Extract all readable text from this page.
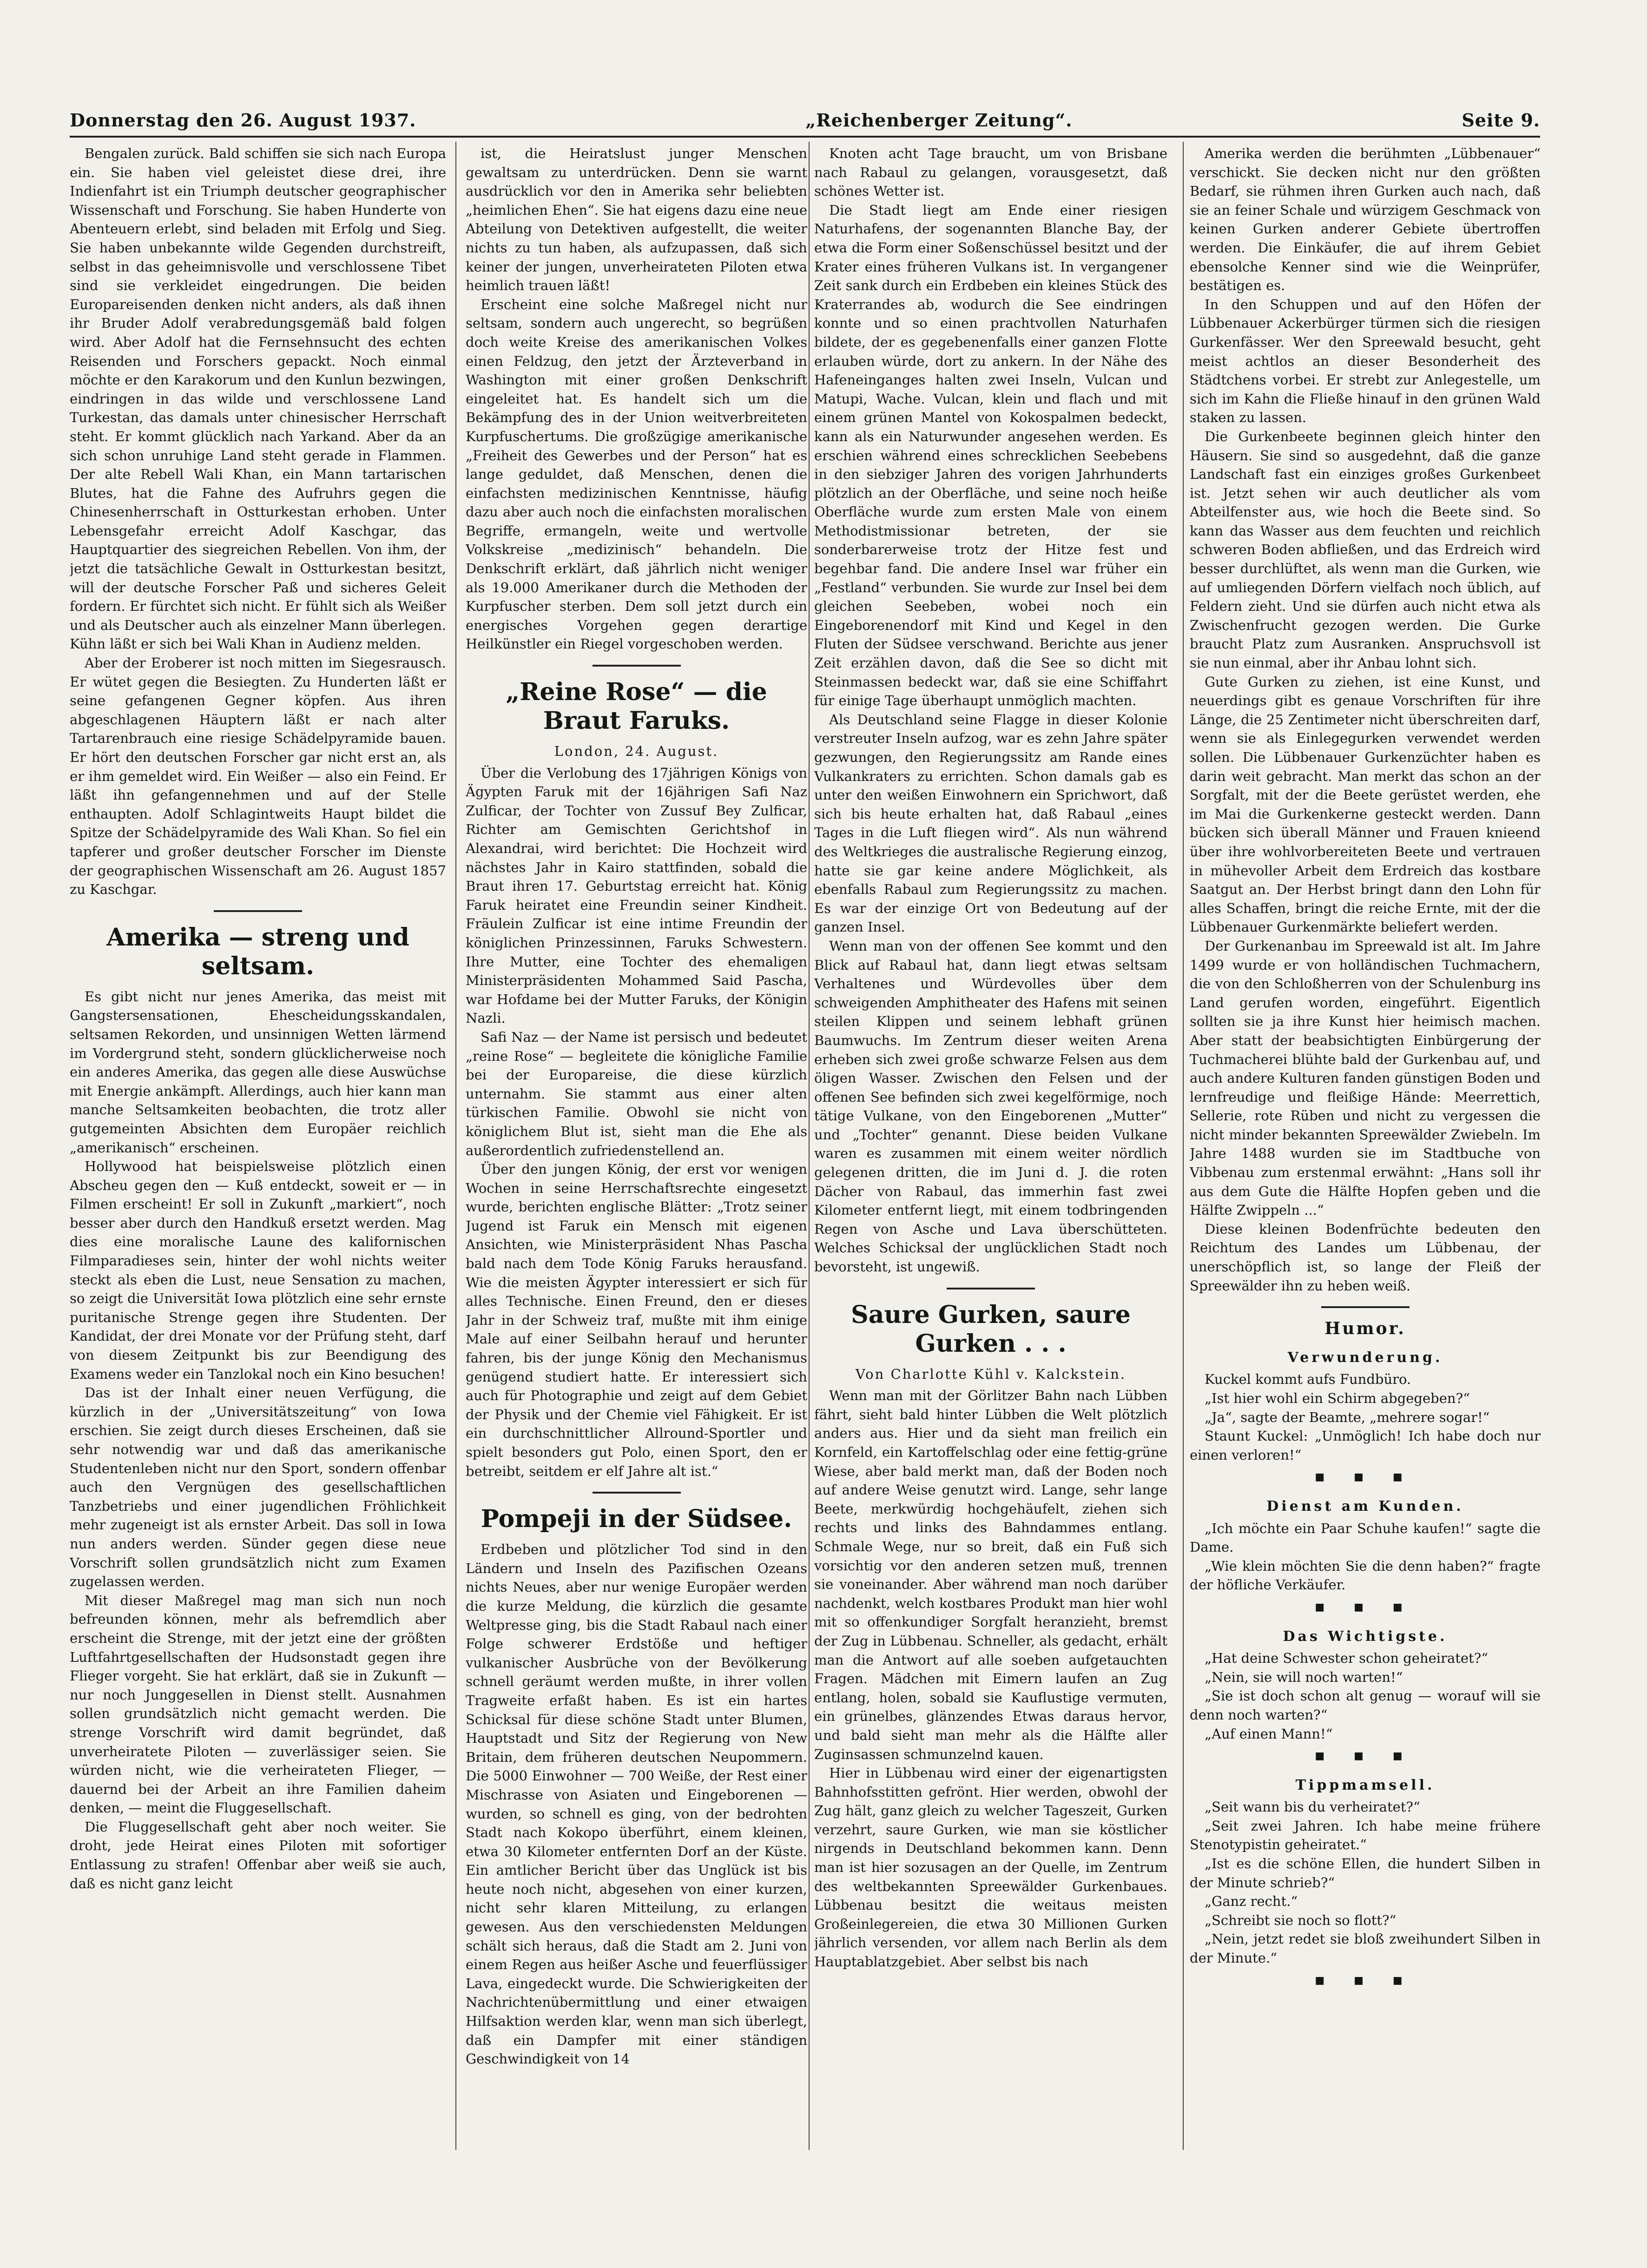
Donnerstag den 26. August 1937.	„Reichenberger Zeitung“.	Seite 9.

Bengalen zurück. Bald schiffen sie sich nach Europa ein. Sie haben viel geleistet diese drei, ihre Indienfahrt ist ein Triumph deutscher geographischer Wissenschaft und Forschung. Sie haben Hunderte von Abenteuern erlebt, sind beladen mit Erfolg und Sieg. Sie haben unbekannte wilde Gegenden durchstreift, selbst in das geheimnisvolle und verschlossene Tibet sind sie verkleidet eingedrungen. Die beiden Europareisenden denken nicht anders, als daß ihnen ihr Bruder Adolf verabredungsgemäß bald folgen wird. Aber Adolf hat die Fernsehnsucht des echten Reisenden und Forschers gepackt. Noch einmal möchte er den Karakorum und den Kunlun bezwingen, eindringen in das wilde und verschlossene Land Turkestan, das damals unter chinesischer Herrschaft steht. Er kommt glücklich nach Yarkand. Aber da an sich schon unruhige Land steht gerade in Flammen. Der alte Rebell Wali Khan, ein Mann tartarischen Blutes, hat die Fahne des Aufruhrs gegen die Chinesenherrschaft in Ostturkestan erhoben. Unter Lebensgefahr erreicht Adolf Kaschgar, das Hauptquartier des siegreichen Rebellen. Von ihm, der jetzt die tatsächliche Gewalt in Ostturkestan besitzt, will der deutsche Forscher Paß und sicheres Geleit fordern. Er fürchtet sich nicht. Er fühlt sich als Weißer und als Deutscher auch als einzelner Mann überlegen. Kühn läßt er sich bei Wali Khan in Audienz melden.

Aber der Eroberer ist noch mitten im Siegesrausch. Er wütet gegen die Besiegten. Zu Hunderten läßt er seine gefangenen Gegner köpfen. Aus ihren abgeschlagenen Häuptern läßt er nach alter Tartarenbrauch eine riesige Schädelpyramide bauen. Er hört den deutschen Forscher gar nicht erst an, als er ihm gemeldet wird. Ein Weißer — also ein Feind. Er läßt ihn gefangennehmen und auf der Stelle enthaupten. Adolf Schlagintweits Haupt bildet die Spitze der Schädelpyramide des Wali Khan. So fiel ein tapferer und großer deutscher Forscher im Dienste der geographischen Wissenschaft am 26. August 1857 zu Kaschgar.

Amerika — streng und seltsam.

Es gibt nicht nur jenes Amerika, das meist mit Gangstersensationen, Ehescheidungsskandalen, seltsamen Rekorden, und unsinnigen Wetten lärmend im Vordergrund steht, sondern glücklicherweise noch ein anderes Amerika, das gegen alle diese Auswüchse mit Energie ankämpft. Allerdings, auch hier kann man manche Seltsamkeiten beobachten, die trotz aller gutgemeinten Absichten dem Europäer reichlich „amerikanisch“ erscheinen.

Hollywood hat beispielsweise plötzlich einen Abscheu gegen den — Kuß entdeckt, soweit er — in Filmen erscheint! Er soll in Zukunft „markiert“, noch besser aber durch den Handkuß ersetzt werden. Mag dies eine moralische Laune des kalifornischen Filmparadieses sein, hinter der wohl nichts weiter steckt als eben die Lust, neue Sensation zu machen, so zeigt die Universität Iowa plötzlich eine sehr ernste puritanische Strenge gegen ihre Studenten. Der Kandidat, der drei Monate vor der Prüfung steht, darf von diesem Zeitpunkt bis zur Beendigung des Examens weder ein Tanzlokal noch ein Kino besuchen!

Das ist der Inhalt einer neuen Verfügung, die kürzlich in der „Universitätszeitung“ von Iowa erschien. Sie zeigt durch dieses Erscheinen, daß sie sehr notwendig war und daß das amerikanische Studentenleben nicht nur den Sport, sondern offenbar auch den Vergnügen des gesellschaftlichen Tanzbetriebs und einer jugendlichen Fröhlichkeit mehr zugeneigt ist als ernster Arbeit. Das soll in Iowa nun anders werden. Sünder gegen diese neue Vorschrift sollen grundsätzlich nicht zum Examen zugelassen werden.

Mit dieser Maßregel mag man sich nun noch befreunden können, mehr als befremdlich aber erscheint die Strenge, mit der jetzt eine der größten Luftfahrtgesellschaften der Hudsonstadt gegen ihre Flieger vorgeht. Sie hat erklärt, daß sie in Zukunft — nur noch Junggesellen in Dienst stellt. Ausnahmen sollen grundsätzlich nicht gemacht werden. Die strenge Vorschrift wird damit begründet, daß unverheiratete Piloten — zuverlässiger seien. Sie würden nicht, wie die verheirateten Flieger, — dauernd bei der Arbeit an ihre Familien daheim denken, — meint die Fluggesellschaft.

Die Fluggesellschaft geht aber noch weiter. Sie droht, jede Heirat eines Piloten mit sofortiger Entlassung zu strafen! Offenbar aber weiß sie auch, daß es nicht ganz leicht

ist, die Heiratslust junger Menschen gewaltsam zu unterdrücken. Denn sie warnt ausdrücklich vor den in Amerika sehr beliebten „heimlichen Ehen“. Sie hat eigens dazu eine neue Abteilung von Detektiven aufgestellt, die weiter nichts zu tun haben, als aufzupassen, daß sich keiner der jungen, unverheirateten Piloten etwa heimlich trauen läßt!

Erscheint eine solche Maßregel nicht nur seltsam, sondern auch ungerecht, so begrüßen doch weite Kreise des amerikanischen Volkes einen Feldzug, den jetzt der Ärzteverband in Washington mit einer großen Denkschrift eingeleitet hat. Es handelt sich um die Bekämpfung des in der Union weitverbreiteten Kurpfuschertums. Die großzügige amerikanische „Freiheit des Gewerbes und der Person“ hat es lange geduldet, daß Menschen, denen die einfachsten medizinischen Kenntnisse, häufig dazu aber auch noch die einfachsten moralischen Begriffe, ermangeln, weite und wertvolle Volkskreise „medizinisch“ behandeln. Die Denkschrift erklärt, daß jährlich nicht weniger als 19.000 Amerikaner durch die Methoden der Kurpfuscher sterben. Dem soll jetzt durch ein energisches Vorgehen gegen derartige Heilkünstler ein Riegel vorgeschoben werden.

„Reine Rose“ — die Braut Faruks.
London, 24. August.

Über die Verlobung des 17jährigen Königs von Ägypten Faruk mit der 16jährigen Safi Naz Zulficar, der Tochter von Zussuf Bey Zulficar, Richter am Gemischten Gerichtshof in Alexandrai, wird berichtet: Die Hochzeit wird nächstes Jahr in Kairo stattfinden, sobald die Braut ihren 17. Geburtstag erreicht hat. König Faruk heiratet eine Freundin seiner Kindheit. Fräulein Zulficar ist eine intime Freundin der königlichen Prinzessinnen, Faruks Schwestern. Ihre Mutter, eine Tochter des ehemaligen Ministerpräsidenten Mohammed Said Pascha, war Hofdame bei der Mutter Faruks, der Königin Nazli.

Safi Naz — der Name ist persisch und bedeutet „reine Rose“ — begleitete die königliche Familie bei der Europareise, die diese kürzlich unternahm. Sie stammt aus einer alten türkischen Familie. Obwohl sie nicht von königlichem Blut ist, sieht man die Ehe als außerordentlich zufriedenstellend an.

Über den jungen König, der erst vor wenigen Wochen in seine Herrschaftsrechte eingesetzt wurde, berichten englische Blätter: „Trotz seiner Jugend ist Faruk ein Mensch mit eigenen Ansichten, wie Ministerpräsident Nhas Pascha bald nach dem Tode König Faruks herausfand. Wie die meisten Ägypter interessiert er sich für alles Technische. Einen Freund, den er dieses Jahr in der Schweiz traf, mußte mit ihm einige Male auf einer Seilbahn herauf und herunter fahren, bis der junge König den Mechanismus genügend studiert hatte. Er interessiert sich auch für Photographie und zeigt auf dem Gebiet der Physik und der Chemie viel Fähigkeit. Er ist ein durchschnittlicher Allround-Sportler und spielt besonders gut Polo, einen Sport, den er betreibt, seitdem er elf Jahre alt ist.“

Pompeji in der Südsee.

Erdbeben und plötzlicher Tod sind in den Ländern und Inseln des Pazifischen Ozeans nichts Neues, aber nur wenige Europäer werden die kurze Meldung, die kürzlich die gesamte Weltpresse ging, bis die Stadt Rabaul nach einer Folge schwerer Erdstöße und heftiger vulkanischer Ausbrüche von der Bevölkerung schnell geräumt werden mußte, in ihrer vollen Tragweite erfaßt haben. Es ist ein hartes Schicksal für diese schöne Stadt unter Blumen, Hauptstadt und Sitz der Regierung von New Britain, dem früheren deutschen Neupommern. Die 5000 Einwohner — 700 Weiße, der Rest einer Mischrasse von Asiaten und Eingeborenen — wurden, so schnell es ging, von der bedrohten Stadt nach Kokopo überführt, einem kleinen, etwa 30 Kilometer entfernten Dorf an der Küste. Ein amtlicher Bericht über das Unglück ist bis heute noch nicht, abgesehen von einer kurzen, nicht sehr klaren Mitteilung, zu erlangen gewesen. Aus den verschiedensten Meldungen schält sich heraus, daß die Stadt am 2. Juni von einem Regen aus heißer Asche und feuerflüssiger Lava, eingedeckt wurde. Die Schwierigkeiten der Nachrichtenübermittlung und einer etwaigen Hilfsaktion werden klar, wenn man sich überlegt, daß ein Dampfer mit einer ständigen Geschwindigkeit von 14

Knoten acht Tage braucht, um von Brisbane nach Rabaul zu gelangen, vorausgesetzt, daß schönes Wetter ist.

Die Stadt liegt am Ende einer riesigen Naturhafens, der sogenannten Blanche Bay, der etwa die Form einer Soßenschüssel besitzt und der Krater eines früheren Vulkans ist. In vergangener Zeit sank durch ein Erdbeben ein kleines Stück des Kraterrandes ab, wodurch die See eindringen konnte und so einen prachtvollen Naturhafen bildete, der es gegebenenfalls einer ganzen Flotte erlauben würde, dort zu ankern. In der Nähe des Hafeneinganges halten zwei Inseln, Vulcan und Matupi, Wache. Vulcan, klein und flach und mit einem grünen Mantel von Kokospalmen bedeckt, kann als ein Naturwunder angesehen werden. Es erschien während eines schrecklichen Seebebens in den siebziger Jahren des vorigen Jahrhunderts plötzlich an der Oberfläche, und seine noch heiße Oberfläche wurde zum ersten Male von einem Methodistmissionar betreten, der sie sonderbarerweise trotz der Hitze fest und begehbar fand. Die andere Insel war früher ein „Festland“ verbunden. Sie wurde zur Insel bei dem gleichen Seebeben, wobei noch ein Eingeborenendorf mit Kind und Kegel in den Fluten der Südsee verschwand. Berichte aus jener Zeit erzählen davon, daß die See so dicht mit Steinmassen bedeckt war, daß sie eine Schiffahrt für einige Tage überhaupt unmöglich machten.

Als Deutschland seine Flagge in dieser Kolonie verstreuter Inseln aufzog, war es zehn Jahre später gezwungen, den Regierungssitz am Rande eines Vulkankraters zu errichten. Schon damals gab es unter den weißen Einwohnern ein Sprichwort, daß sich bis heute erhalten hat, daß Rabaul „eines Tages in die Luft fliegen wird“. Als nun während des Weltkrieges die australische Regierung einzog, hatte sie gar keine andere Möglichkeit, als ebenfalls Rabaul zum Regierungssitz zu machen. Es war der einzige Ort von Bedeutung auf der ganzen Insel.

Wenn man von der offenen See kommt und den Blick auf Rabaul hat, dann liegt etwas seltsam Verhaltenes und Würdevolles über dem schweigenden Amphitheater des Hafens mit seinen steilen Klippen und seinem lebhaft grünen Baumwuchs. Im Zentrum dieser weiten Arena erheben sich zwei große schwarze Felsen aus dem öligen Wasser. Zwischen den Felsen und der offenen See befinden sich zwei kegelförmige, noch tätige Vulkane, von den Eingeborenen „Mutter“ und „Tochter“ genannt. Diese beiden Vulkane waren es zusammen mit einem weiter nördlich gelegenen dritten, die im Juni d. J. die roten Dächer von Rabaul, das immerhin fast zwei Kilometer entfernt liegt, mit einem todbringenden Regen von Asche und Lava überschütteten. Welches Schicksal der unglücklichen Stadt noch bevorsteht, ist ungewiß.

Saure Gurken, saure Gurken . . .
Von Charlotte Kühl v. Kalckstein.

Wenn man mit der Görlitzer Bahn nach Lübben fährt, sieht bald hinter Lübben die Welt plötzlich anders aus. Hier und da sieht man freilich ein Kornfeld, ein Kartoffelschlag oder eine fettig-grüne Wiese, aber bald merkt man, daß der Boden noch auf andere Weise genutzt wird. Lange, sehr lange Beete, merkwürdig hochgehäufelt, ziehen sich rechts und links des Bahndammes entlang. Schmale Wege, nur so breit, daß ein Fuß sich vorsichtig vor den anderen setzen muß, trennen sie voneinander. Aber während man noch darüber nachdenkt, welch kostbares Produkt man hier wohl mit so offenkundiger Sorgfalt heranzieht, bremst der Zug in Lübbenau. Schneller, als gedacht, erhält man die Antwort auf alle soeben aufgetauchten Fragen. Mädchen mit Eimern laufen an Zug entlang, holen, sobald sie Kauflustige vermuten, ein grünelbes, glänzendes Etwas daraus hervor, und bald sieht man mehr als die Hälfte aller Zuginsassen schmunzelnd kauen.

Hier in Lübbenau wird einer der eigenartigsten Bahnhofsstitten gefrönt. Hier werden, obwohl der Zug hält, ganz gleich zu welcher Tageszeit, Gurken verzehrt, saure Gurken, wie man sie köstlicher nirgends in Deutschland bekommen kann. Denn man ist hier sozusagen an der Quelle, im Zentrum des weltbekannten Spreewälder Gurkenbaues. Lübbenau besitzt die weitaus meisten Großeinlegereien, die etwa 30 Millionen Gurken jährlich versenden, vor allem nach Berlin als dem Hauptablatzgebiet. Aber selbst bis nach

Amerika werden die berühmten „Lübbenauer“ verschickt. Sie decken nicht nur den größten Bedarf, sie rühmen ihren Gurken auch nach, daß sie an feiner Schale und würzigem Geschmack von keinen Gurken anderer Gebiete übertroffen werden. Die Einkäufer, die auf ihrem Gebiet ebensolche Kenner sind wie die Weinprüfer, bestätigen es.

In den Schuppen und auf den Höfen der Lübbenauer Ackerbürger türmen sich die riesigen Gurkenfässer. Wer den Spreewald besucht, geht meist achtlos an dieser Besonderheit des Städtchens vorbei. Er strebt zur Anlegestelle, um sich im Kahn die Fließe hinauf in den grünen Wald staken zu lassen.

Die Gurkenbeete beginnen gleich hinter den Häusern. Sie sind so ausgedehnt, daß die ganze Landschaft fast ein einziges großes Gurkenbeet ist. Jetzt sehen wir auch deutlicher als vom Abteilfenster aus, wie hoch die Beete sind. So kann das Wasser aus dem feuchten und reichlich schweren Boden abfließen, und das Erdreich wird besser durchlüftet, als wenn man die Gurken, wie auf umliegenden Dörfern vielfach noch üblich, auf Feldern zieht. Und sie dürfen auch nicht etwa als Zwischenfrucht gezogen werden. Die Gurke braucht Platz zum Ausranken. Anspruchsvoll ist sie nun einmal, aber ihr Anbau lohnt sich.

Gute Gurken zu ziehen, ist eine Kunst, und neuerdings gibt es genaue Vorschriften für ihre Länge, die 25 Zentimeter nicht überschreiten darf, wenn sie als Einlegegurken verwendet werden sollen. Die Lübbenauer Gurkenzüchter haben es darin weit gebracht. Man merkt das schon an der Sorgfalt, mit der die Beete gerüstet werden, ehe im Mai die Gurkenkerne gesteckt werden. Dann bücken sich überall Männer und Frauen knieend über ihre wohlvorbereiteten Beete und vertrauen in mühevoller Arbeit dem Erdreich das kostbare Saatgut an. Der Herbst bringt dann den Lohn für alles Schaffen, bringt die reiche Ernte, mit der die Lübbenauer Gurkenmärkte beliefert werden.

Der Gurkenanbau im Spreewald ist alt. Im Jahre 1499 wurde er von holländischen Tuchmachern, die von den Schloßherren von der Schulenburg ins Land gerufen worden, eingeführt. Eigentlich sollten sie ja ihre Kunst hier heimisch machen. Aber statt der beabsichtigten Einbürgerung der Tuchmacherei blühte bald der Gurkenbau auf, und auch andere Kulturen fanden günstigen Boden und lernfreudige und fleißige Hände: Meerrettich, Sellerie, rote Rüben und nicht zu vergessen die nicht minder bekannten Spreewälder Zwiebeln. Im Jahre 1488 wurden sie im Stadtbuche von Vibbenau zum erstenmal erwähnt: „Hans soll ihr aus dem Gute die Hälfte Hopfen geben und die Hälfte Zwippeln ...“

Diese kleinen Bodenfrüchte bedeuten den Reichtum des Landes um Lübbenau, der unerschöpflich ist, so lange der Fleiß der Spreewälder ihn zu heben weiß.

Humor.
Verwunderung.

Kuckel kommt aufs Fundbüro.

„Ist hier wohl ein Schirm abgegeben?“

„Ja“, sagte der Beamte, „mehrere sogar!“

Staunt Kuckel: „Unmöglich! Ich habe doch nur einen verloren!“

■ ■ ■
Dienst am Kunden.

„Ich möchte ein Paar Schuhe kaufen!“ sagte die Dame.

„Wie klein möchten Sie die denn haben?“ fragte der höfliche Verkäufer.

■ ■ ■
Das Wichtigste.

„Hat deine Schwester schon geheiratet?“

„Nein, sie will noch warten!“

„Sie ist doch schon alt genug — worauf will sie denn noch warten?“

„Auf einen Mann!“

■ ■ ■
Tippmamsell.

„Seit wann bis du verheiratet?“

„Seit zwei Jahren. Ich habe meine frühere Stenotypistin geheiratet.“

„Ist es die schöne Ellen, die hundert Silben in der Minute schrieb?“

„Ganz recht.“

„Schreibt sie noch so flott?“

„Nein, jetzt redet sie bloß zweihundert Silben in der Minute.“

■ ■ ■
